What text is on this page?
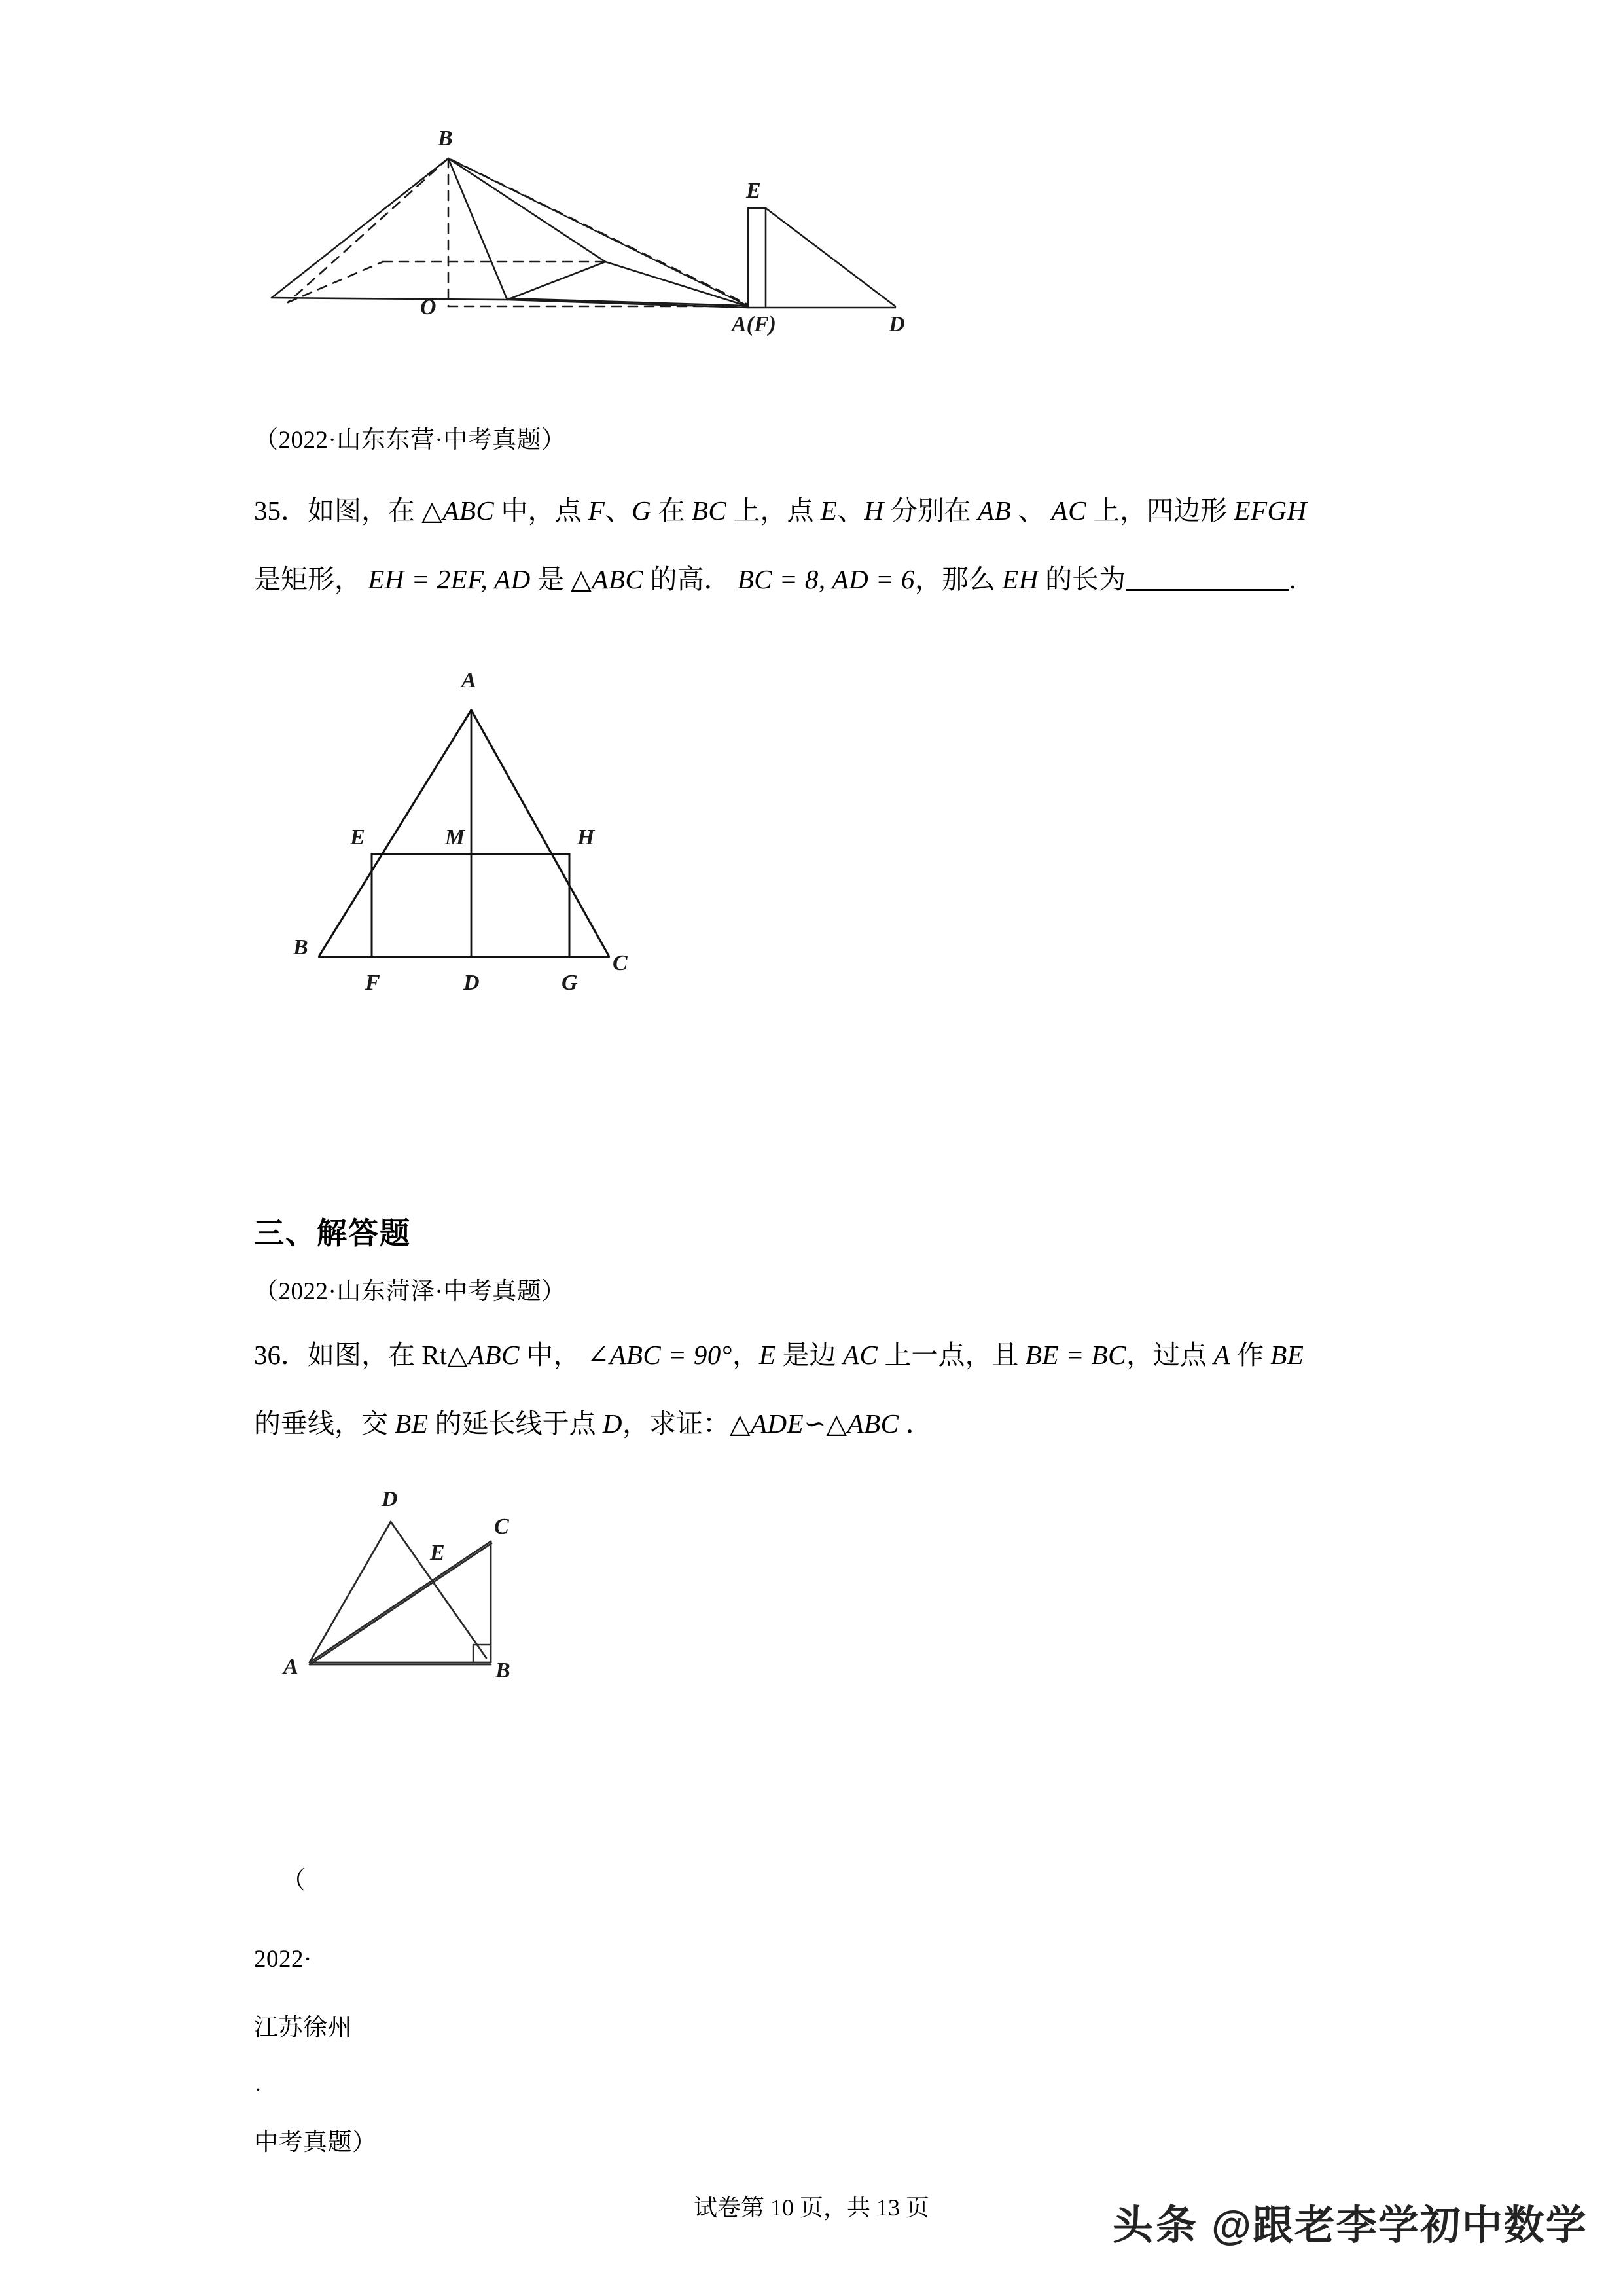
B
O
E
A(F)	D
（2022·山东东营·中考真题）
35．如图，在 △ABC 中，点 F、G 在 BC 上，点 E、H 分别在 AB 、 AC 上，四边形 EFGH
是矩形， EH = 2EF, AD 是 △ABC 的高． BC = 8, AD = 6，那么 EH 的长为	.
A
E	M	H
B
F	D	G
C
三、解答题
（2022·山东菏泽·中考真题）
36．如图，在 Rt△ABC 中， ∠ABC = 90°，E 是边 AC 上一点，且 BE = BC，过点 A 作 BE
的垂线，交 BE 的延长线于点 D，求证：△ADE∽△ABC ．
D
C
E
A	B
（
2022·
江苏徐州
·
中考真题）
试卷第 10 页，共 13 页	头条 @跟老李学初中数学
